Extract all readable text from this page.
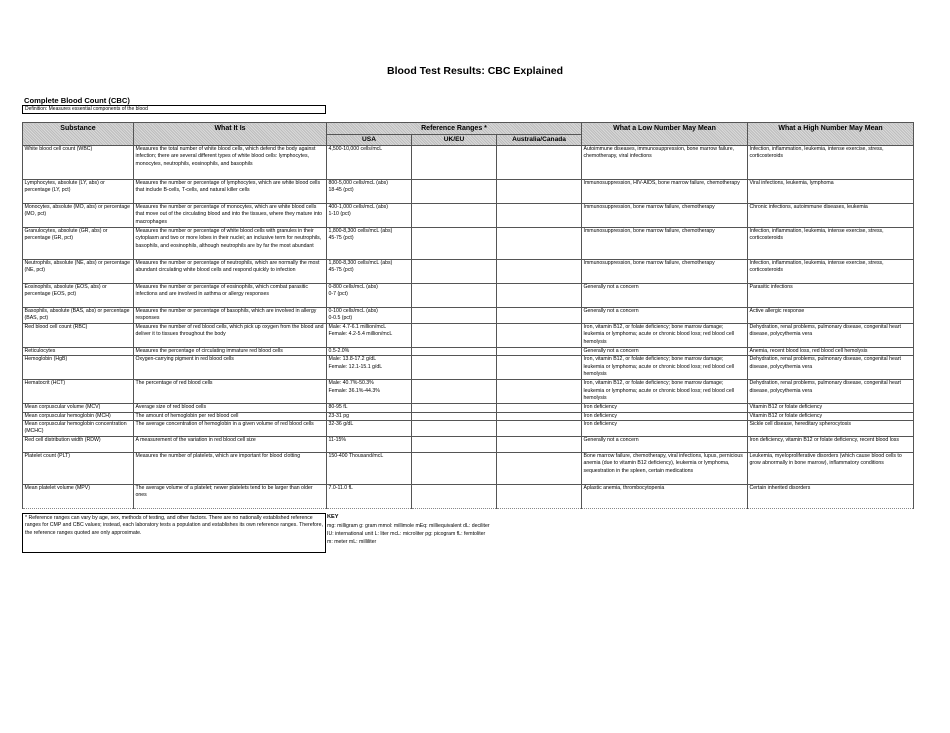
Blood Test Results: CBC Explained
Complete Blood Count (CBC)
Definition: Measures essential components of the blood
Substance	What It Is	Reference Ranges *			What a Low Number May Mean	What a High Number May Mean
		USA	UK/EU	Australia/Canada		
White blood cell count (WBC)	Measures the total number of white blood cells, which defend the body against infection; there are several different types of white blood cells: lymphocytes, monocytes, neutrophils, eosinophils, and basophils	4,500-10,000 cells/mcL			Autoimmune diseases, immunosuppression, bone marrow failure, chemotherapy, viral infections	Infection, inflammation, leukemia, intense exercise, stress, corticosteroids
Lymphocytes, absolute (LY, abs) or percentage (LY, pct)	Measures the number or percentage of lymphocytes, which are white blood cells that include B-cells, T-cells, and natural killer cells	800-5,000 cells/mcL (abs)
18-45 (pct)			Immunosuppression, HIV-AIDS, bone marrow failure, chemotherapy	Viral infections, leukemia, lymphoma
Monocytes, absolute (MO, abs) or percentage (MO, pct)	Measures the number or percentage of monocytes, which are white blood cells that move out of the circulating blood and into the tissues, where they mature into macrophages	400-1,000 cells/mcL (abs)
1-10 (pct)			Immunosuppression, bone marrow failure, chemotherapy	Chronic infections, autoimmune diseases, leukemia
Granulocytes, absolute (GR, abs) or percentage (GR, pct)	Measures the number or percentage of white blood cells with granules in their cytoplasm and two or more lobes in their nuclei; an inclusive term for neutrophils, basophils, and eosinophils, although neutrophils are by far the most abundant	1,800-8,300 cells/mcL (abs)
45-75 (pct)			Immunosuppression, bone marrow failure, chemotherapy	Infection, inflammation, leukemia, intense exercise, stress, corticosteroids
Neutrophils, absolute (NE, abs) or percentage (NE, pct)	Measures the number or percentage of neutrophils, which are normally the most abundant circulating white blood cells and respond quickly to infection	1,800-8,300 cells/mcL (abs)
45-75 (pct)			Immunosuppression, bone marrow failure, chemotherapy	Infection, inflammation, leukemia, intense exercise, stress, corticosteroids
Eosinophils, absolute (EOS, abs) or percentage (EOS, pct)	Measures the number or percentage of eosinophils, which combat parasitic infections and are involved in asthma or allergy responses	0-800 cells/mcL (abs)
0-7 (pct)			Generally not a concern	Parasitic infections
Basophils, absolute (BAS, abs) or percentage (BAS, pct)	Measures the number or percentage of basophils, which are involved in allergy responses	0-100 cells/mcL (abs)
0-0.5 (pct)			Generally not a concern	Active allergic response
Red blood cell count (RBC)	Measures the number of red blood cells, which pick up oxygen from the blood and deliver it to tissues throughout the body	Male: 4.7-6.1 million/mcL
Female: 4.2-5.4 million/mcL			Iron, vitamin B12, or folate deficiency; bone marrow damage; leukemia or lymphoma; acute or chronic blood loss; red blood cell hemolysis	Dehydration, renal problems, pulmonary disease, congenital heart disease, polycythemia vera
Reticulocytes	Measures the percentage of circulating immature red blood cells	0.5-2.0%			Generally not a concern	Anemia, recent blood loss, red blood cell hemolysis
Hemoglobin (HgB)	Oxygen-carrying pigment in red blood cells	Male: 13.8-17.2 g/dL
Female: 12.1-15.1 g/dL			Iron, vitamin B12, or folate deficiency; bone marrow damage; leukemia or lymphoma; acute or chronic blood loss; red blood cell hemolysis	Dehydration, renal problems, pulmonary disease, congenital heart disease, polycythemia vera
Hematocrit (HCT)	The percentage of red blood cells	Male: 40.7%-50.3%
Female: 36.1%-44.3%			Iron, vitamin B12, or folate deficiency; bone marrow damage; leukemia or lymphoma; acute or chronic blood loss; red blood cell hemolysis	Dehydration, renal problems, pulmonary disease, congenital heart disease, polycythemia vera
Mean corpuscular volume (MCV)	Average size of red blood cells	80-95 fL			Iron deficiency	Vitamin B12 or folate deficiency
Mean corpuscular hemoglobin (MCH)	The amount of hemoglobin per red blood cell	23-31 pg			Iron deficiency	Vitamin B12 or folate deficiency
Mean corpuscular hemoglobin concentration (MCHC)	The average concentration of hemoglobin in a given volume of red blood cells	32-36 g/dL			Iron deficiency	Sickle cell disease, hereditary spherocytosis
Red cell distribution width (RDW)	A measurement of the variation in red blood cell size	11-15%			Generally not a concern	Iron deficiency, vitamin B12 or folate deficiency, recent blood loss
Platelet count (PLT)	Measures the number of platelets, which are important for blood clotting	150-400 Thousand/mcL			Bone marrow failure, chemotherapy, viral infections, lupus, pernicious anemia (due to vitamin B12 deficiency), leukemia or lymphoma, sequestration in the spleen, certain medications	Leukemia, myeloproliferative disorders (which cause blood cells to grow abnormally in bone marrow), inflammatory conditions
Mean platelet volume (MPV)	The average volume of a platelet; newer platelets tend to be larger than older ones	7.0-11.0 fL			Aplastic anemia, thrombocytopenia	Certain inherited disorders
* Reference ranges can vary by age, sex, methods of testing, and other factors. There are no nationally established reference ranges for CMP and CBC values; instead, each laboratory tests a population and establishes its own reference ranges. Therefore, the reference ranges quoted are only approximate.
KEY
mg: milligram g: gram mmol: millimole mEq: milliequivalent dL: deciliter
IU: international unit L: liter mcL: microliter pg: picogram fL: femtoliter
m: meter mL: milliliter
